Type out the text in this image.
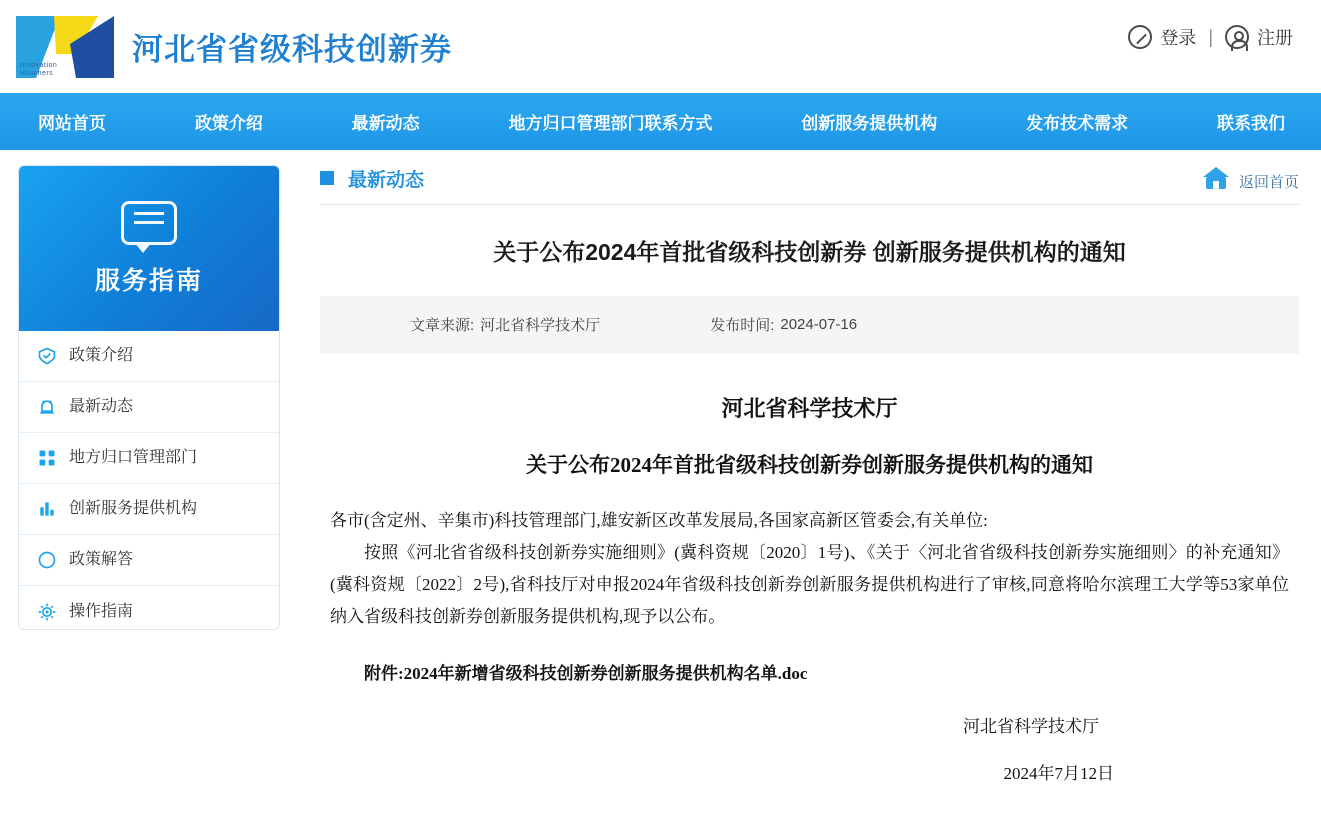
Innovation
Vouchers
河北省省级科技创新券	登录 | 注册
网站首页	政策介绍	最新动态	地方归口管理部门联系方式	创新服务提供机构	发布技术需求	联系我们
服务指南
政策介绍
最新动态
地方归口管理部门
创新服务提供机构
政策解答
操作指南
最新动态	返回首页
关于公布2024年首批省级科技创新券 创新服务提供机构的通知
文章来源: 河北省科学技术厅	发布时间: 2024-07-16
河北省科学技术厅
关于公布2024年首批省级科技创新券创新服务提供机构的通知
各市(含定州、辛集市)科技管理部门,雄安新区改革发展局,各国家高新区管委会,有关单位:
按照《河北省省级科技创新券实施细则》(冀科资规〔2020〕1号)、《关于〈河北省省级科技创新券实施细则〉的补充通知》(冀科资规〔2022〕2号),省科技厅对申报2024年省级科技创新券创新服务提供机构进行了审核,同意将哈尔滨理工大学等53家单位纳入省级科技创新券创新服务提供机构,现予以公布。
附件:2024年新增省级科技创新券创新服务提供机构名单.doc
河北省科学技术厅
2024年7月12日
